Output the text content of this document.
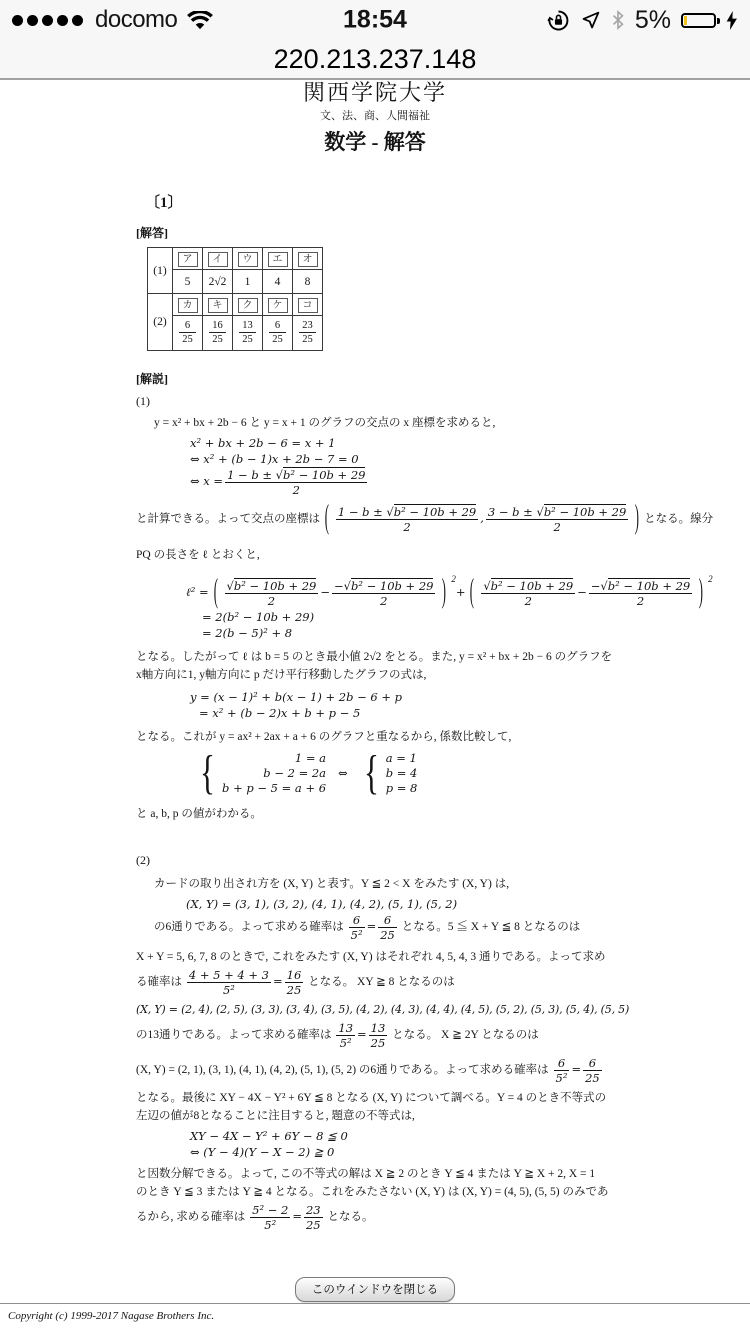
docomo	18:54	5%
220.213.237.148
関西学院大学
文、法、商、人間福祉
数学 - 解答
〔1〕
[解答]
(1)	ア	イ	ウ	エ	オ
	5	2√2	1	4	8
(2)	カ	キ	ク	ケ	コ

	$\frac{6}{25}$	$\frac{16}{25}$	$\frac{13}{25}$	$\frac{6}{25}$	$\frac{23}{25}$
[解説]
(1)
y = x² + bx + 2b − 6 と y = x + 1 のグラフの交点の x 座標を求めると,
x² + bx + 2b − 6 = x + 1
⇔ x² + (b − 1)x + 2b − 7 = 0
⇔ $x = \frac{\text{1 − b ± √b² − 10b + 29}}{2}$
と計算できる。よって交点の座標は ( $\frac{\text{1 − b ± √b² − 10b + 29}}{2}$ , $\frac{\text{3 − b ± √b² − 10b + 29}}{2}$ ) となる。線分
PQ の長さを ℓ とおくと,
ℓ² = ( $\frac{\text{√b² − 10b + 29}}{2} - \frac{\text{−√b² − 10b + 29}}{2}$ ) $^2$+ ( $\frac{\text{√b² − 10b + 29}}{2} - \frac{\text{−√b² − 10b + 29}}{2}$ ) $^2$
= 2(b² − 10b + 29)
= 2(b − 5)² + 8
となる。したがって ℓ は b = 5 のとき最小値 2√2 をとる。また, y = x² + bx + 2b − 6 のグラフを
x軸方向に1, y軸方向に p だけ平行移動したグラフの式は,
y = (x − 1)² + b(x − 1) + 2b − 6 + p
= x² + (b − 2)x + b + p − 5
となる。これが y = ax² + 2ax + a + 6 のグラフと重なるから, 係数比較して,
{	1 = a
b − 2 = 2a
b + p − 5 = a + 6
⇔ { a = 1
b = 4
p = 8
と a, b, p の値がわかる。
(2)
カードの取り出され方を (X, Y) と表す。Y ≦ 2 < X をみたす (X, Y) は,
(X, Y) = (3, 1), (3, 2), (4, 1), (4, 2), (5, 1), (5, 2)
の6通りである。よって求める確率は $\frac{6}{\text{5²}} = \frac{6}{25}$ となる。5 ≦ X + Y ≦ 8 となるのは
X + Y = 5, 6, 7, 8 のときで, これをみたす (X, Y) はそれぞれ 4, 5, 4, 3 通りである。よって求め
る確率は $\frac{4 + 5 + 4 + 3}{\text{5²}} = \frac{16}{25}$ となる。 XY ≧ 8 となるのは
(X, Y) = (2, 4), (2, 5), (3, 3), (3, 4), (3, 5), (4, 2), (4, 3), (4, 4), (4, 5), (5, 2), (5, 3), (5, 4), (5, 5)
の13通りである。よって求める確率は $\frac{13}{\text{5²}} = \frac{13}{25}$ となる。 X ≧ 2Y となるのは
(X, Y) = (2, 1), (3, 1), (4, 1), (4, 2), (5, 1), (5, 2) の6通りである。よって求める確率は $\frac{6}{\text{5²}} = \frac{6}{25}$
となる。最後に XY − 4X − Y² + 6Y ≦ 8 となる (X, Y) について調べる。Y = 4 のとき不等式の
左辺の値が8となることに注目すると, 題意の不等式は,
XY − 4X − Y² + 6Y − 8 ≦ 0
⇔ (Y − 4)(Y − X − 2) ≧ 0
と因数分解できる。よって, この不等式の解は X ≧ 2 のとき Y ≦ 4 または Y ≧ X + 2, X = 1
のとき Y ≦ 3 または Y ≧ 4 となる。これをみたさない (X, Y) は (X, Y) = (4, 5), (5, 5) のみであ
るから, 求める確率は $\frac{\text{5² − 2}}{\text{5²}} = \frac{23}{25}$ となる。
このウインドウを閉じる
Copyright (c) 1999-2017 Nagase Brothers Inc.
